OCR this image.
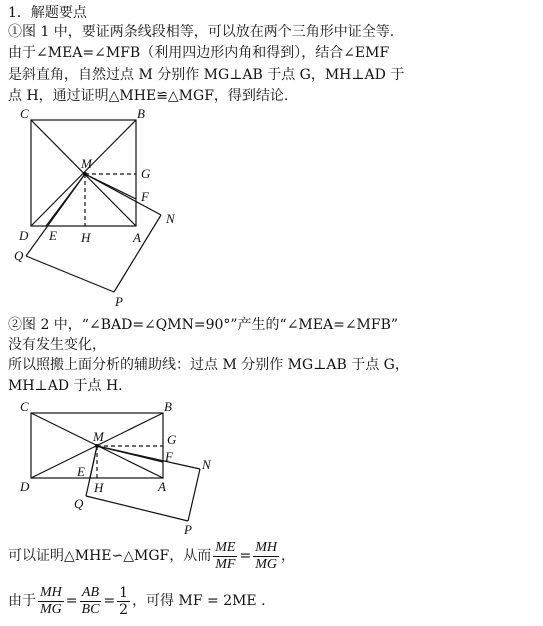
1．解题要点
①图 1 中，要证两条线段相等，可以放在两个三角形中证全等．
由于∠MEA=∠MFB（利用四边形内角和得到），结合∠EMF
是斜直角，自然过点 M 分别作 MG⊥AB 于点 G，MH⊥AD 于
点 H，通过证明△MHE≌△MGF，得到结论.
C	B
M
G
F
N
D E H	A
Q
P
②图 2 中，“∠BAD=∠QMN=90°”产生的“∠MEA=∠MFB”
没有发生变化，
所以照搬上面分析的辅助线：过点 M 分别作 MG⊥AB 于点 G，
MH⊥AD 于点 H.
C	B
M	G
F
N
D
E
H	A
Q
P
可以证明△MHE∽△MGF，从而 $\frac{ME}{MF} = \frac{MH}{MG}$ ，
由于 $\frac{MH}{MG} = \frac{AB}{BC} = \frac{1}{2}$ ，可得 MF = 2ME .
